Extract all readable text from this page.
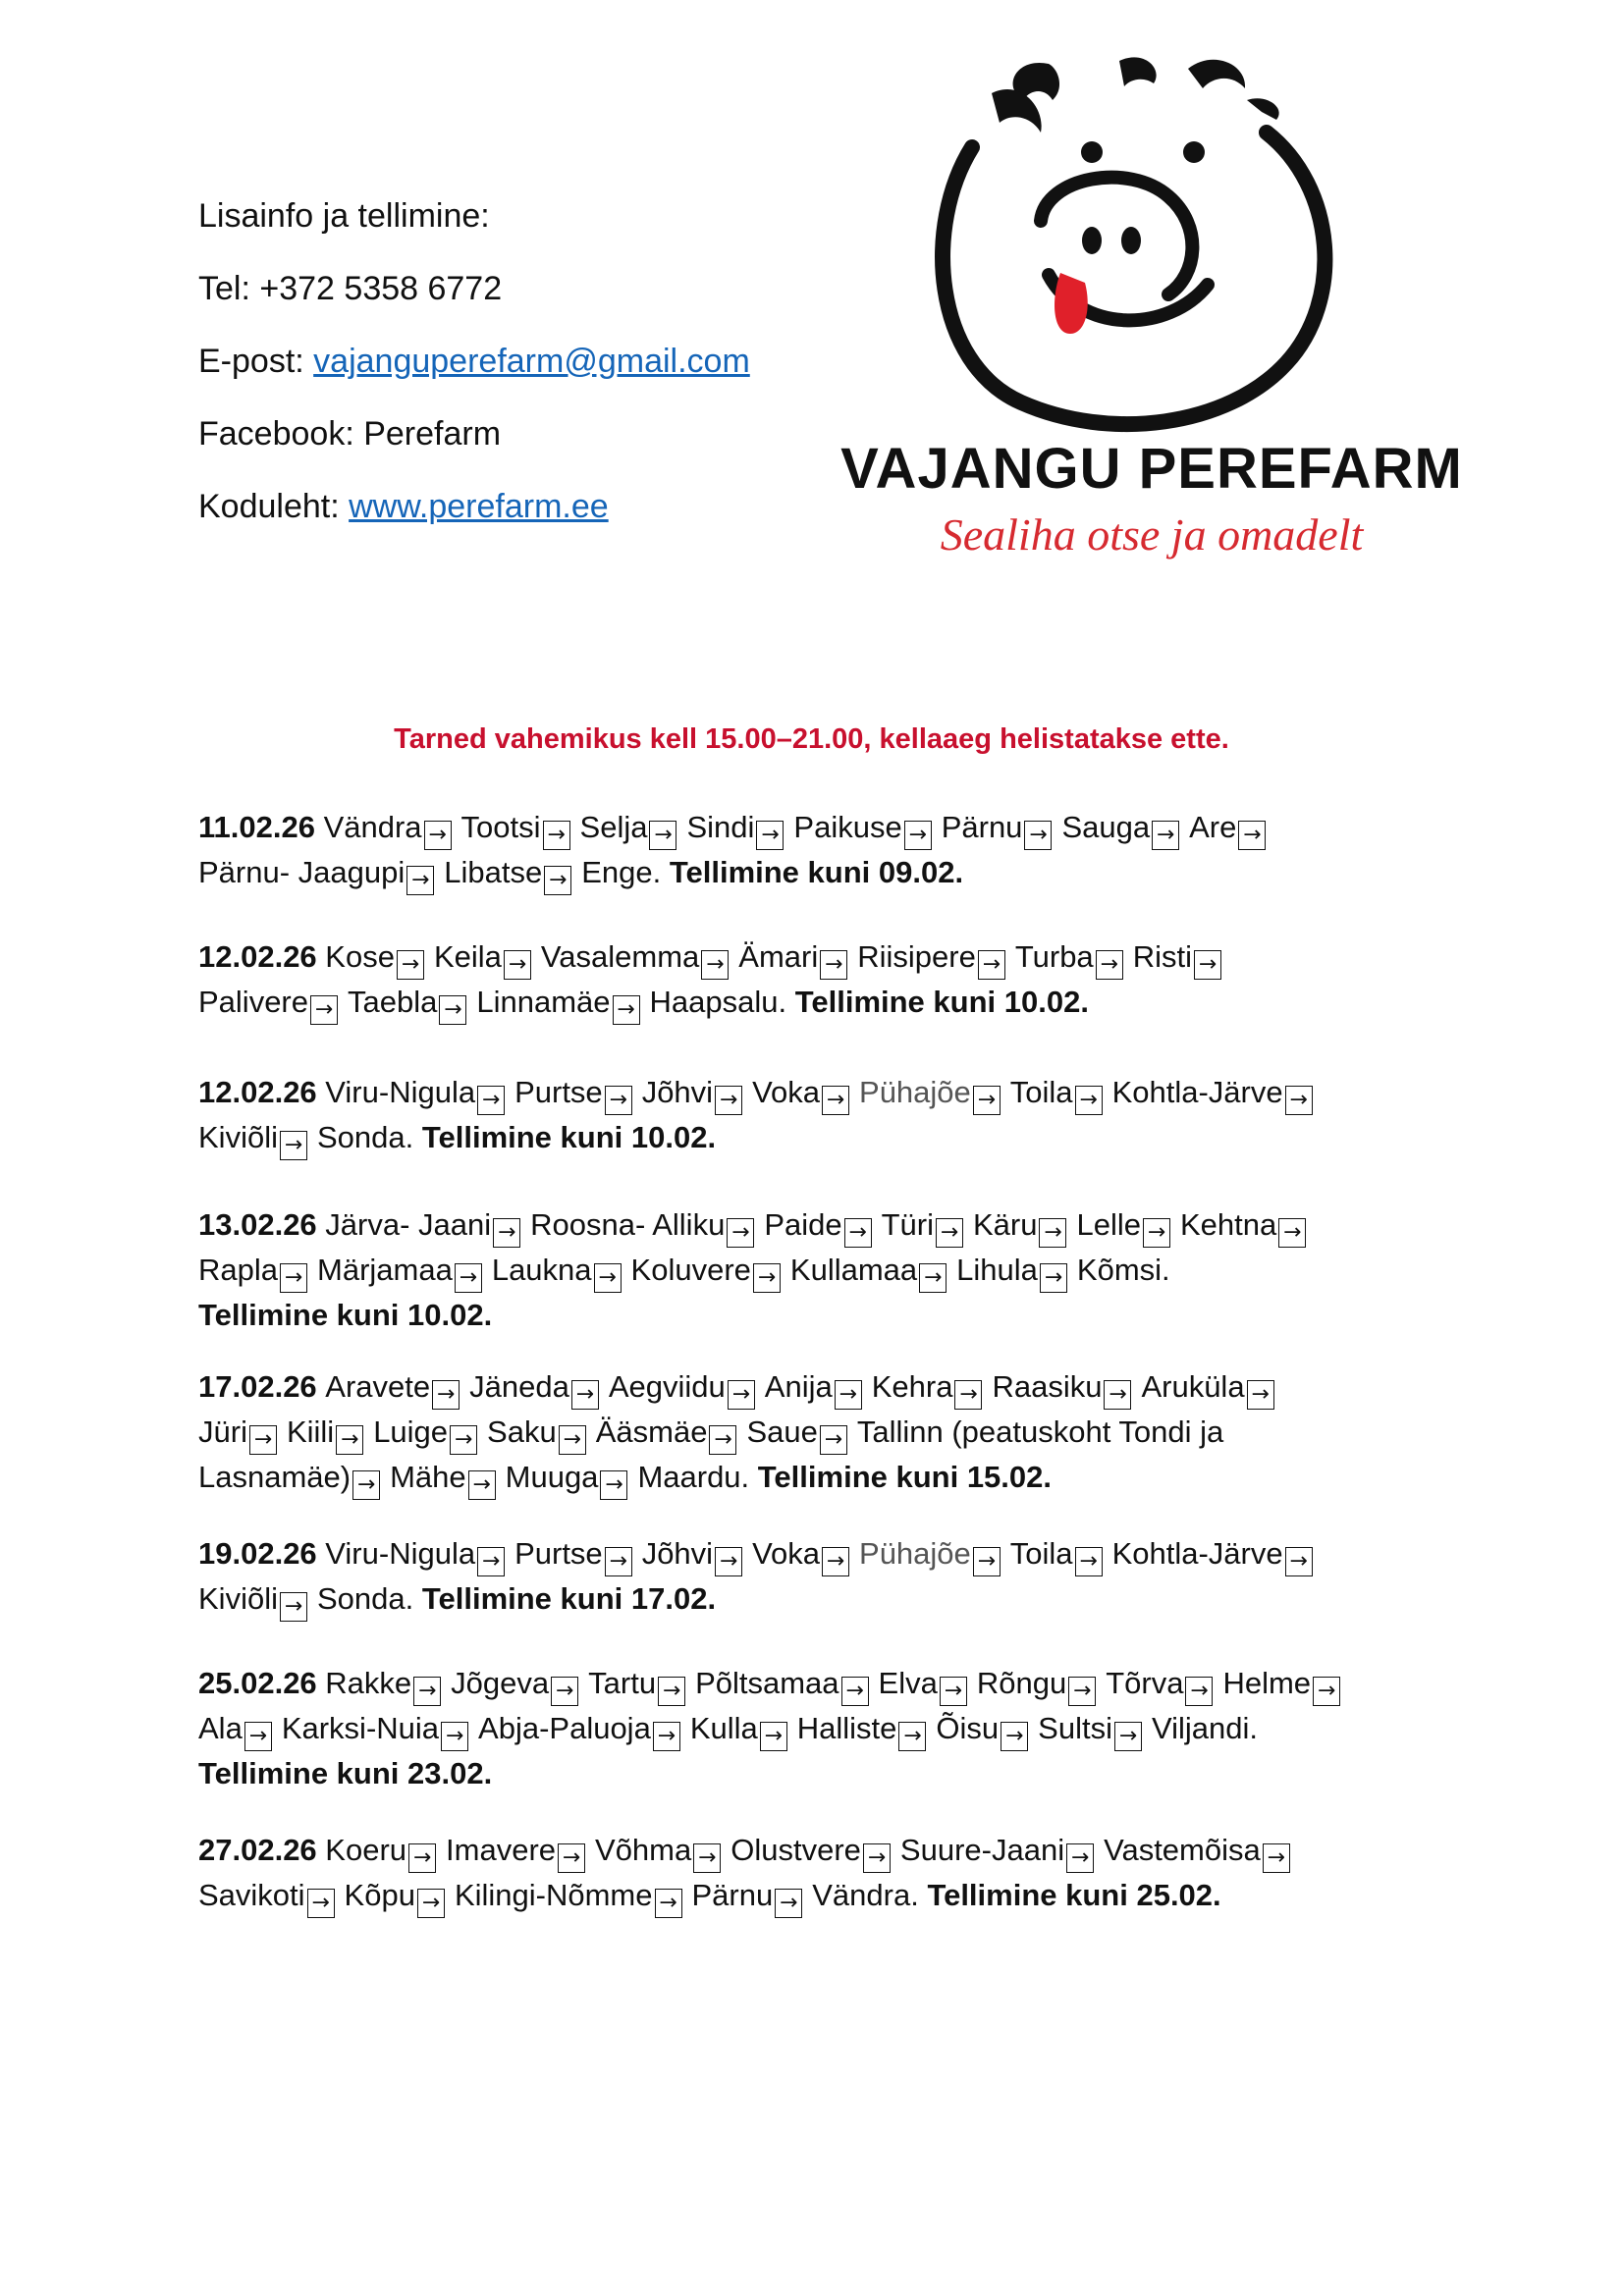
Lisainfo ja tellimine:
Tel: +372 5358 6772
E-post: vajanguperefarm@gmail.com
Facebook: Perefarm
Koduleht: www.perefarm.ee
VAJANGU PEREFARM
Sealiha otse ja omadelt
Tarned vahemikus kell 15.00–21.00, kellaaeg helistatakse ette.
11.02.26 Vändra → Tootsi → Selja → Sindi → Paikuse → Pärnu → Sauga → Are →
Pärnu- Jaagupi → Libatse → Enge. Tellimine kuni 09.02.
12.02.26 Kose → Keila → Vasalemma → Ämari → Riisipere → Turba → Risti →
Palivere → Taebla → Linnamäe → Haapsalu. Tellimine kuni 10.02.
12.02.26 Viru-Nigula → Purtse → Jõhvi → Voka → Pühajõe → Toila → Kohtla-Järve →
Kiviõli → Sonda. Tellimine kuni 10.02.
13.02.26 Järva- Jaani → Roosna- Alliku → Paide → Türi → Käru → Lelle → Kehtna →
Rapla → Märjamaa → Laukna → Koluvere → Kullamaa → Lihula → Kõmsi.
Tellimine kuni 10.02.
17.02.26 Aravete → Jäneda → Aegviidu → Anija → Kehra → Raasiku → Aruküla →
Jüri → Kiili → Luige → Saku → Ääsmäe → Saue → Tallinn (peatuskoht Tondi ja
Lasnamäe) → Mähe → Muuga → Maardu. Tellimine kuni 15.02.
19.02.26 Viru-Nigula → Purtse → Jõhvi → Voka → Pühajõe → Toila → Kohtla-Järve →
Kiviõli → Sonda. Tellimine kuni 17.02.
25.02.26 Rakke → Jõgeva → Tartu → Põltsamaa → Elva → Rõngu → Tõrva → Helme →
Ala → Karksi-Nuia → Abja-Paluoja → Kulla → Halliste → Õisu → Sultsi → Viljandi.
Tellimine kuni 23.02.
27.02.26 Koeru → Imavere → Võhma → Olustvere → Suure-Jaani → Vastemõisa →
Savikoti → Kõpu → Kilingi-Nõmme → Pärnu → Vändra. Tellimine kuni 25.02.
